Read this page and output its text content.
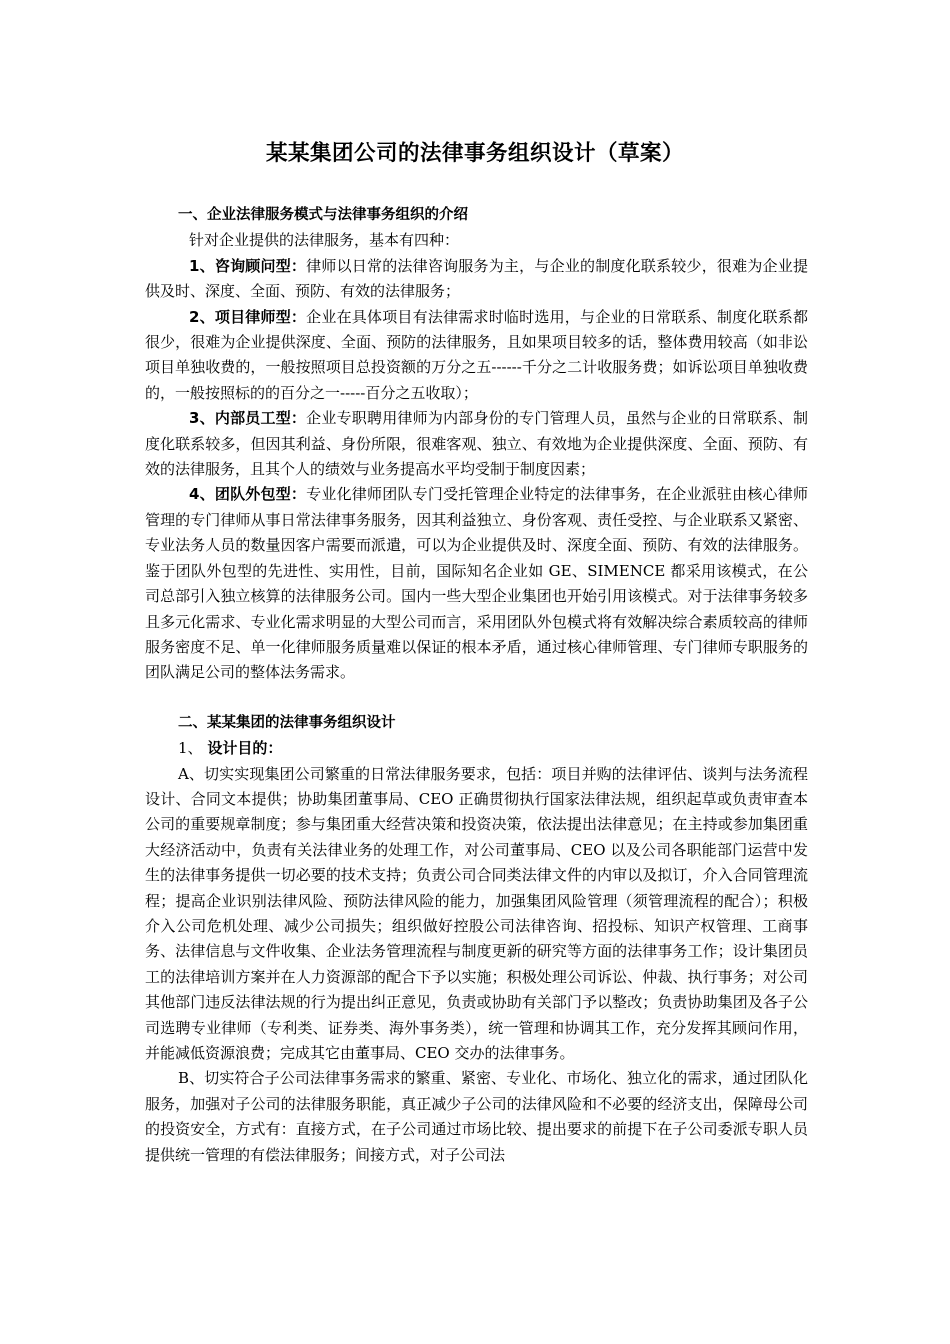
某某集团公司的法律事务组织设计（草案）

一、企业法律服务模式与法律事务组织的介绍

针对企业提供的法律服务，基本有四种：

1、咨询顾问型：律师以日常的法律咨询服务为主，与企业的制度化联系较少，很难为企业提供及时、深度、全面、预防、有效的法律服务；

2、项目律师型：企业在具体项目有法律需求时临时选用，与企业的日常联系、制度化联系都很少，很难为企业提供深度、全面、预防的法律服务，且如果项目较多的话，整体费用较高（如非讼项目单独收费的，一般按照项目总投资额的万分之五------千分之二计收服务费；如诉讼项目单独收费的，一般按照标的的百分之一-----百分之五收取）；

3、内部员工型：企业专职聘用律师为内部身份的专门管理人员，虽然与企业的日常联系、制度化联系较多，但因其利益、身份所限，很难客观、独立、有效地为企业提供深度、全面、预防、有效的法律服务，且其个人的绩效与业务提高水平均受制于制度因素；

4、团队外包型：专业化律师团队专门受托管理企业特定的法律事务，在企业派驻由核心律师管理的专门律师从事日常法律事务服务，因其利益独立、身份客观、责任受控、与企业联系又紧密、专业法务人员的数量因客户需要而派遣，可以为企业提供及时、深度全面、预防、有效的法律服务。鉴于团队外包型的先进性、实用性，目前，国际知名企业如 GE、SIMENCE 都采用该模式，在公司总部引入独立核算的法律服务公司。国内一些大型企业集团也开始引用该模式。对于法律事务较多且多元化需求、专业化需求明显的大型公司而言，采用团队外包模式将有效解决综合素质较高的律师服务密度不足、单一化律师服务质量难以保证的根本矛盾，通过核心律师管理、专门律师专职服务的团队满足公司的整体法务需求。

二、某某集团的法律事务组织设计

1、 设计目的：

A、切实实现集团公司繁重的日常法律服务要求，包括：项目并购的法律评估、谈判与法务流程设计、合同文本提供；协助集团董事局、CEO 正确贯彻执行国家法律法规，组织起草或负责审查本公司的重要规章制度；参与集团重大经营决策和投资决策，依法提出法律意见；在主持或参加集团重大经济活动中，负责有关法律业务的处理工作，对公司董事局、CEO 以及公司各职能部门运营中发生的法律事务提供一切必要的技术支持；负责公司合同类法律文件的内审以及拟订，介入合同管理流程；提高企业识别法律风险、预防法律风险的能力，加强集团风险管理（须管理流程的配合）；积极介入公司危机处理、减少公司损失；组织做好控股公司法律咨询、招投标、知识产权管理、工商事务、法律信息与文件收集、企业法务管理流程与制度更新的研究等方面的法律事务工作；设计集团员工的法律培训方案并在人力资源部的配合下予以实施；积极处理公司诉讼、仲裁、执行事务；对公司其他部门违反法律法规的行为提出纠正意见，负责或协助有关部门予以整改；负责协助集团及各子公司选聘专业律师（专利类、证券类、海外事务类），统一管理和协调其工作，充分发挥其顾问作用，并能减低资源浪费；完成其它由董事局、CEO 交办的法律事务。

B、切实符合子公司法律事务需求的繁重、紧密、专业化、市场化、独立化的需求，通过团队化服务，加强对子公司的法律服务职能，真正减少子公司的法律风险和不必要的经济支出，保障母公司的投资安全，方式有：直接方式，在子公司通过市场比较、提出要求的前提下在子公司委派专职人员提供统一管理的有偿法律服务；间接方式，对子公司法
